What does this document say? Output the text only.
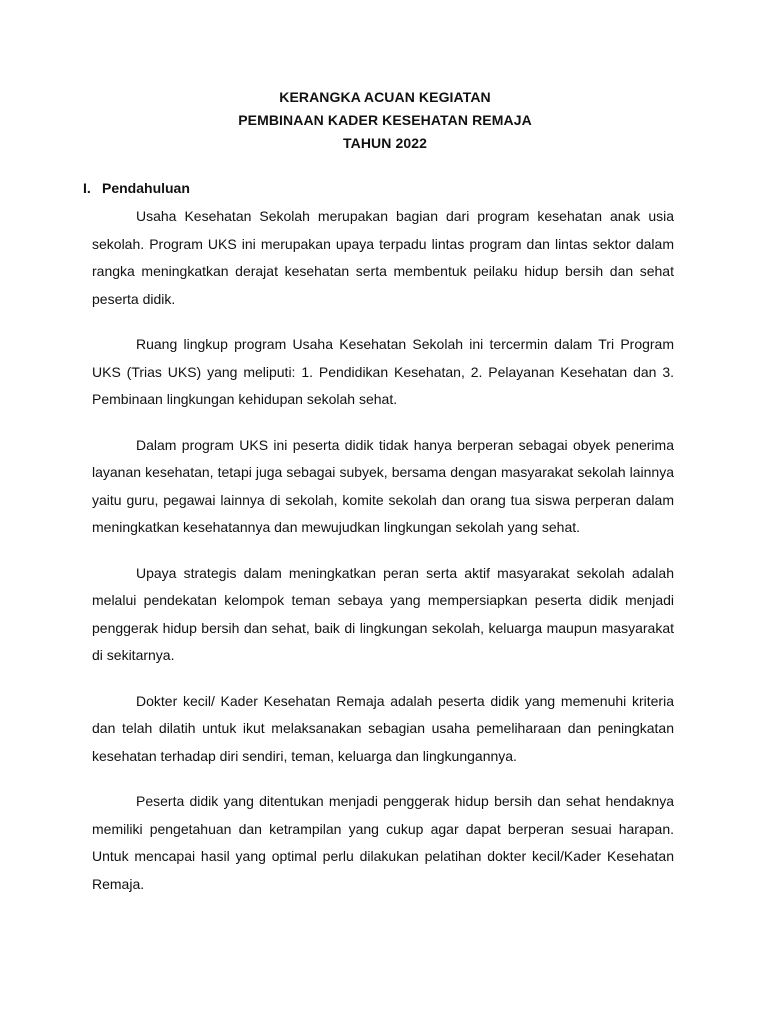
KERANGKA ACUAN KEGIATAN
PEMBINAAN KADER KESEHATAN REMAJA
TAHUN 2022
I. Pendahuluan

Usaha Kesehatan Sekolah merupakan bagian dari program kesehatan anak usia sekolah. Program UKS ini merupakan upaya terpadu lintas program dan lintas sektor dalam rangka meningkatkan derajat kesehatan serta membentuk peilaku hidup bersih dan sehat peserta didik.

Ruang lingkup program Usaha Kesehatan Sekolah ini tercermin dalam Tri Program UKS (Trias UKS) yang meliputi: 1. Pendidikan Kesehatan, 2. Pelayanan Kesehatan dan 3. Pembinaan lingkungan kehidupan sekolah sehat.

Dalam program UKS ini peserta didik tidak hanya berperan sebagai obyek penerima layanan kesehatan, tetapi juga sebagai subyek, bersama dengan masyarakat sekolah lainnya yaitu guru, pegawai lainnya di sekolah, komite sekolah dan orang tua siswa perperan dalam meningkatkan kesehatannya dan mewujudkan lingkungan sekolah yang sehat.

Upaya strategis dalam meningkatkan peran serta aktif masyarakat sekolah adalah melalui pendekatan kelompok teman sebaya yang mempersiapkan peserta didik menjadi penggerak hidup bersih dan sehat, baik di lingkungan sekolah, keluarga maupun masyarakat di sekitarnya.

Dokter kecil/ Kader Kesehatan Remaja adalah peserta didik yang memenuhi kriteria dan telah dilatih untuk ikut melaksanakan sebagian usaha pemeliharaan dan peningkatan kesehatan terhadap diri sendiri, teman, keluarga dan lingkungannya.

Peserta didik yang ditentukan menjadi penggerak hidup bersih dan sehat hendaknya memiliki pengetahuan dan ketrampilan yang cukup agar dapat berperan sesuai harapan. Untuk mencapai hasil yang optimal perlu dilakukan pelatihan dokter kecil/Kader Kesehatan Remaja.
